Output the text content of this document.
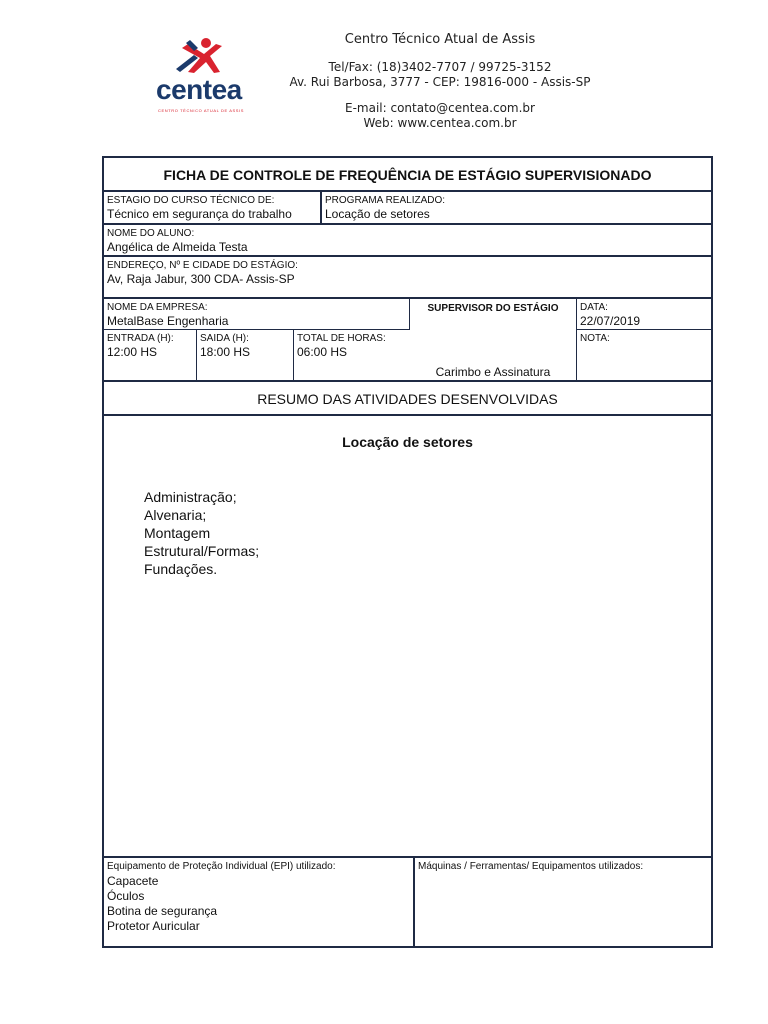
centea
CENTRO TÉCNICO ATUAL DE ASSIS
Centro Técnico Atual de Assis
Tel/Fax: (18)3402-7707 / 99725-3152
Av. Rui Barbosa, 3777 - CEP: 19816-000 - Assis-SP
E-mail: contato@centea.com.br
Web: www.centea.com.br
FICHA DE CONTROLE DE FREQUÊNCIA DE ESTÁGIO SUPERVISIONADO
ESTAGIO DO CURSO TÉCNICO DE:
Técnico em segurança do trabalho
PROGRAMA REALIZADO:
Locação de setores
NOME DO ALUNO:
Angélica de Almeida Testa
ENDEREÇO, Nº E CIDADE DO ESTÁGIO:
Av, Raja Jabur, 300 CDA- Assis-SP
NOME DA EMPRESA:
MetalBase Engenharia
SUPERVISOR DO ESTÁGIO
Carimbo e Assinatura
DATA:
22/07/2019
ENTRADA (H):
12:00 HS
SAIDA (H):
18:00 HS
TOTAL DE HORAS:
06:00 HS
NOTA:
RESUMO DAS ATIVIDADES DESENVOLVIDAS
Locação de setores
Administração;
Alvenaria;
Montagem
Estrutural/Formas;
Fundações.
Equipamento de Proteção Individual (EPI) utilizado:
Capacete
Óculos
Botina de segurança
Protetor Auricular
Máquinas / Ferramentas/ Equipamentos utilizados:
